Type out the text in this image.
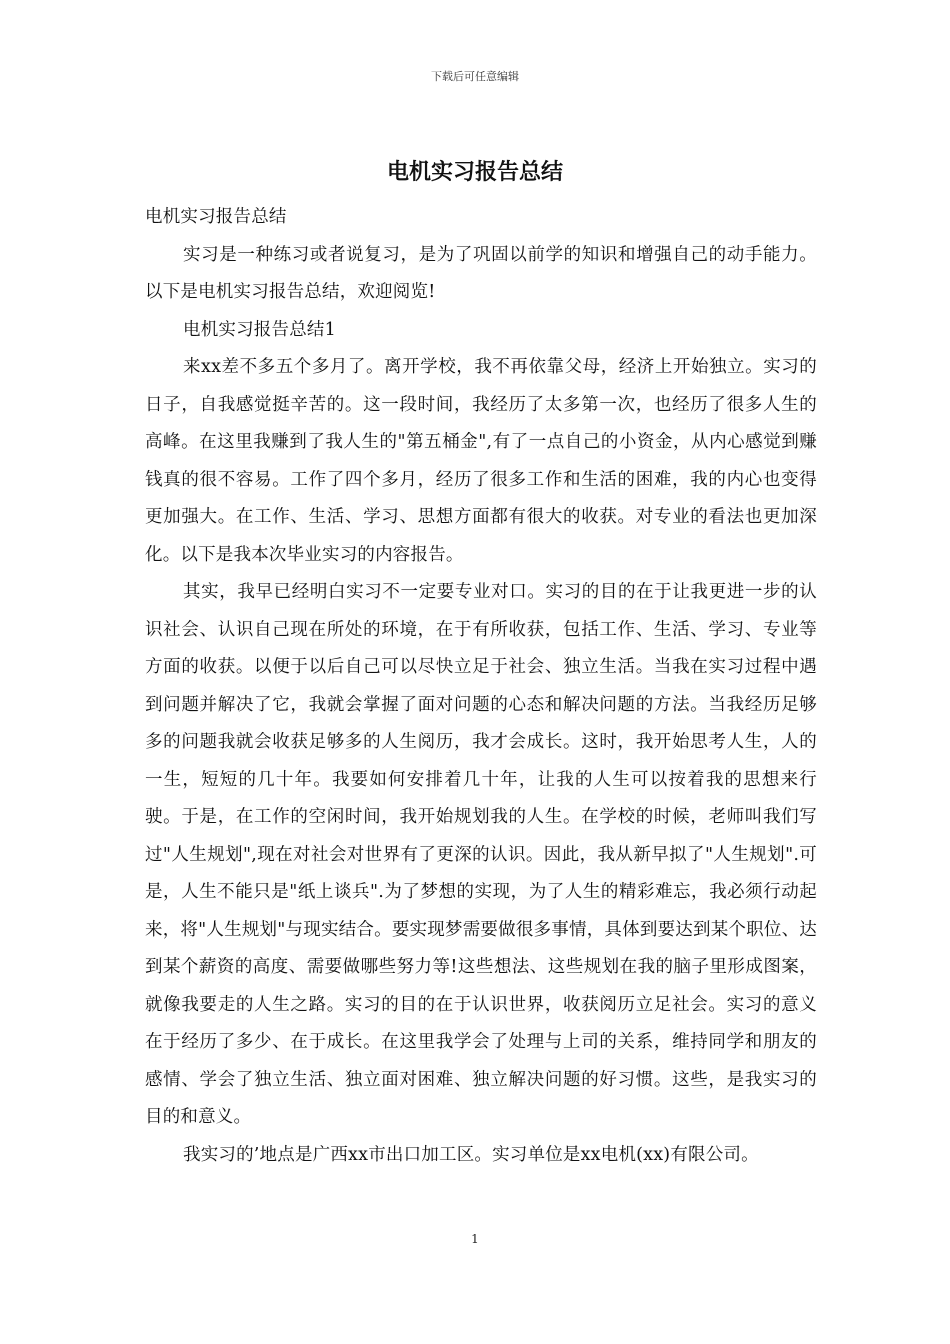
下载后可任意编辑
电机实习报告总结

电机实习报告总结

实习是一种练习或者说复习，是为了巩固以前学的知识和增强自己的动手能力。以下是电机实习报告总结，欢迎阅览!

电机实习报告总结1

来xx差不多五个多月了。离开学校，我不再依靠父母，经济上开始独立。实习的日子，自我感觉挺辛苦的。这一段时间，我经历了太多第一次，也经历了很多人生的高峰。在这里我赚到了我人生的"第五桶金",有了一点自己的小资金，从内心感觉到赚钱真的很不容易。工作了四个多月，经历了很多工作和生活的困难，我的内心也变得更加强大。在工作、生活、学习、思想方面都有很大的收获。对专业的看法也更加深化。以下是我本次毕业实习的内容报告。

其实，我早已经明白实习不一定要专业对口。实习的目的在于让我更进一步的认识社会、认识自己现在所处的环境，在于有所收获，包括工作、生活、学习、专业等方面的收获。以便于以后自己可以尽快立足于社会、独立生活。当我在实习过程中遇到问题并解决了它，我就会掌握了面对问题的心态和解决问题的方法。当我经历足够多的问题我就会收获足够多的人生阅历，我才会成长。这时，我开始思考人生，人的一生，短短的几十年。我要如何安排着几十年，让我的人生可以按着我的思想来行驶。于是，在工作的空闲时间，我开始规划我的人生。在学校的时候，老师叫我们写过"人生规划",现在对社会对世界有了更深的认识。因此，我从新早拟了"人生规划".可是，人生不能只是"纸上谈兵".为了梦想的实现，为了人生的精彩难忘，我必须行动起来，将"人生规划"与现实结合。要实现梦需要做很多事情，具体到要达到某个职位、达到某个薪资的高度、需要做哪些努力等!这些想法、这些规划在我的脑子里形成图案，就像我要走的人生之路。实习的目的在于认识世界，收获阅历立足社会。实习的意义在于经历了多少、在于成长。在这里我学会了处理与上司的关系，维持同学和朋友的感情、学会了独立生活、独立面对困难、独立解决问题的好习惯。这些，是我实习的目的和意义。

我实习的’地点是广西xx市出口加工区。实习单位是xx电机(xx)有限公司。

1
